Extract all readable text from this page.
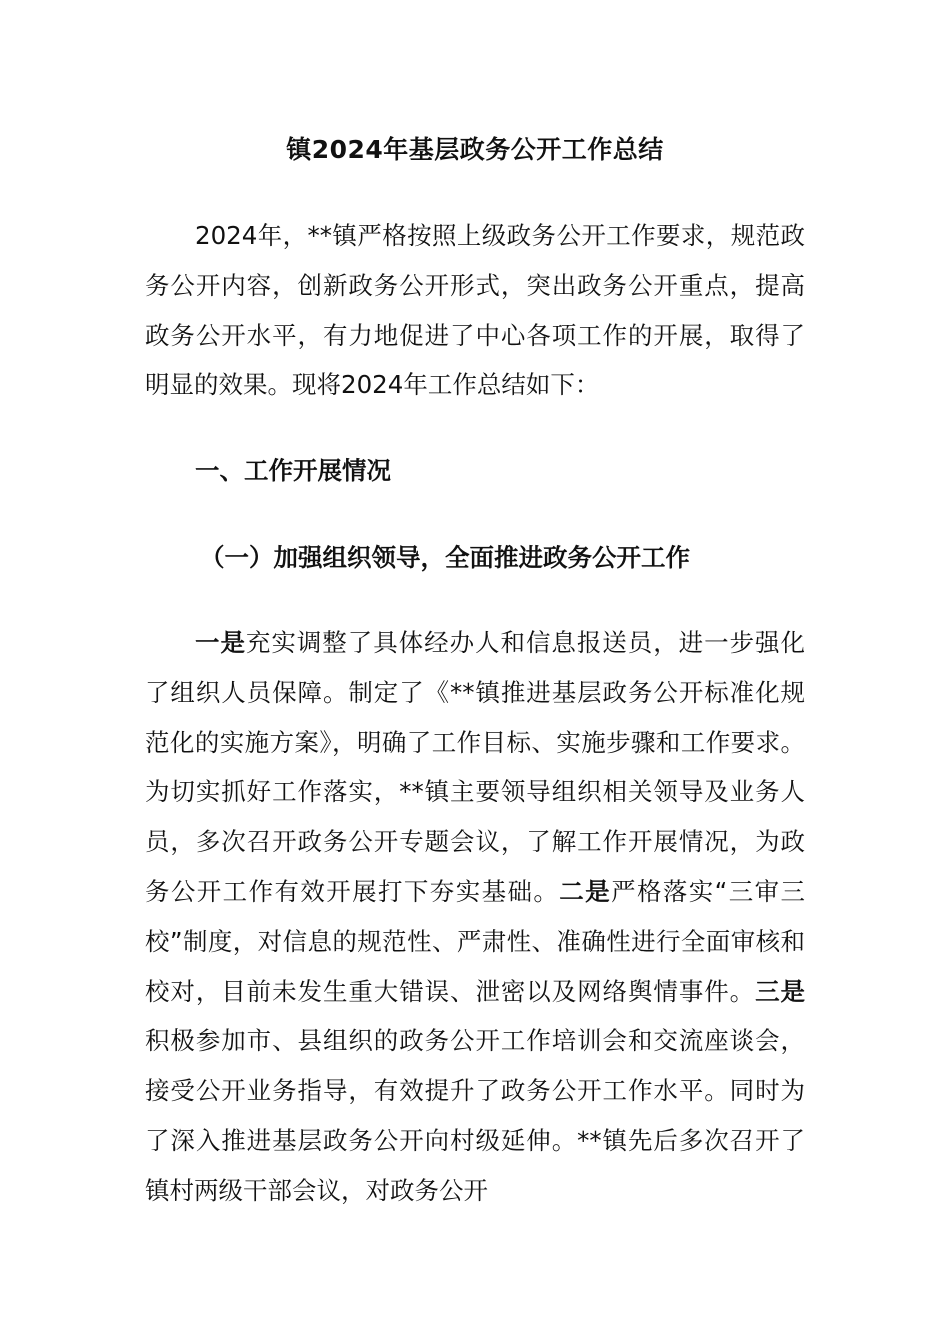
镇2024年基层政务公开工作总结

2024年，**镇严格按照上级政务公开工作要求，规范政务公开内容，创新政务公开形式，突出政务公开重点，提高政务公开水平，有力地促进了中心各项工作的开展，取得了明显的效果。现将2024年工作总结如下：

一、工作开展情况
（一）加强组织领导，全面推进政务公开工作

一是充实调整了具体经办人和信息报送员，进一步强化了组织人员保障。制定了《**镇推进基层政务公开标准化规范化的实施方案》，明确了工作目标、实施步骤和工作要求。为切实抓好工作落实，**镇主要领导组织相关领导及业务人员，多次召开政务公开专题会议，了解工作开展情况，为政务公开工作有效开展打下夯实基础。二是严格落实“三审三校”制度，对信息的规范性、严肃性、准确性进行全面审核和校对，目前未发生重大错误、泄密以及网络舆情事件。三是积极参加市、县组织的政务公开工作培训会和交流座谈会，接受公开业务指导，有效提升了政务公开工作水平。同时为了深入推进基层政务公开向村级延伸。**镇先后多次召开了镇村两级干部会议，对政务公开
